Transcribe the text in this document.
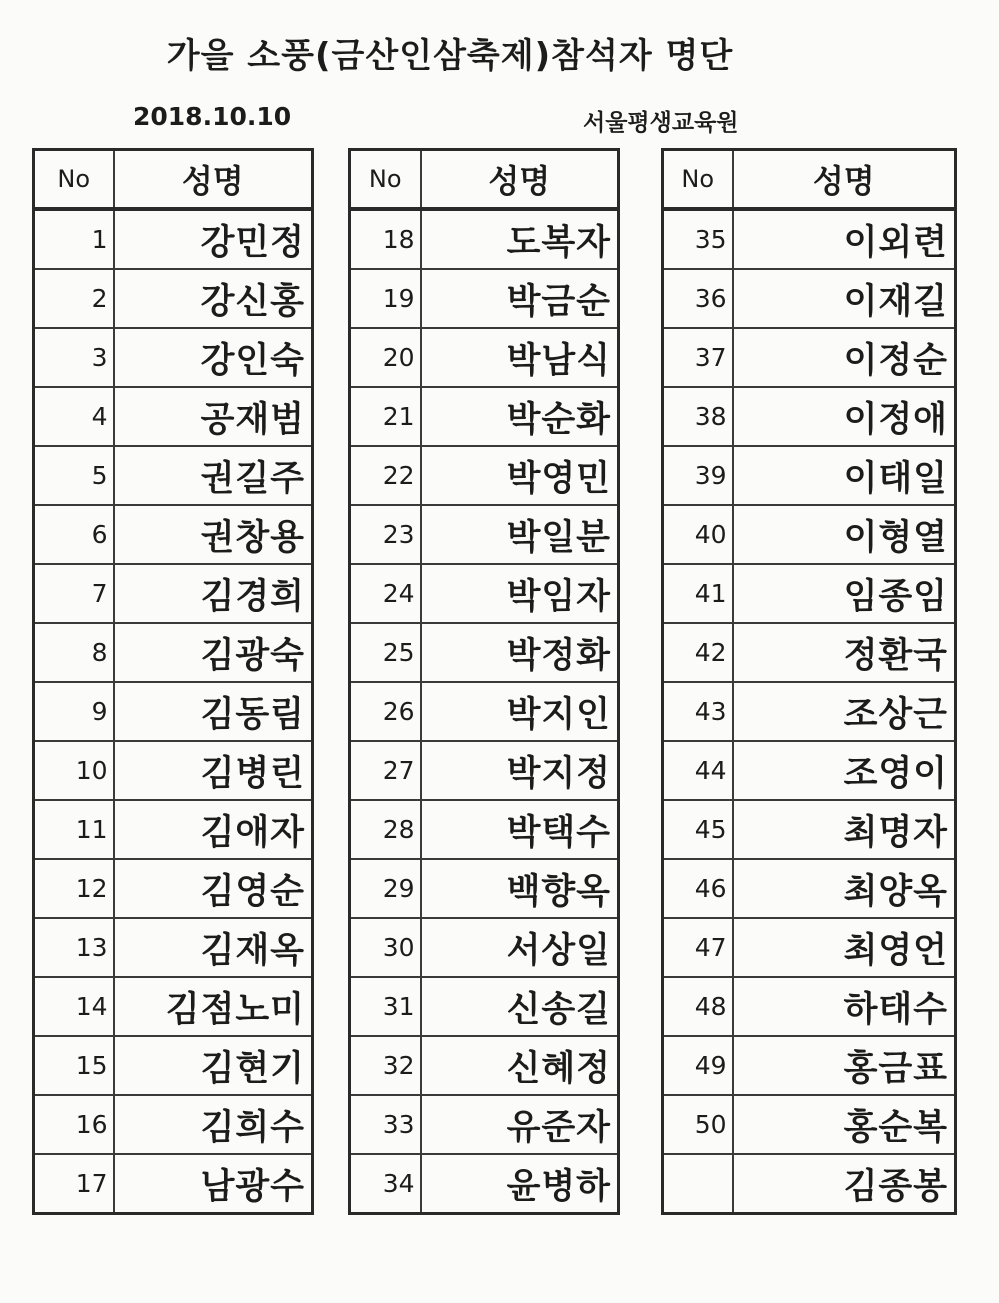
가을 소풍(금산인삼축제)참석자 명단
2018.10.10	서울평생교육원
No	성명
1	강민정
2	강신홍
3	강인숙
4	공재범
5	권길주
6	권창용
7	김경희
8	김광숙
9	김동림
10	김병린
11	김애자
12	김영순
13	김재옥
14	김점노미
15	김현기
16	김희수
17	남광수
No	성명
18	도복자
19	박금순
20	박남식
21	박순화
22	박영민
23	박일분
24	박임자
25	박정화
26	박지인
27	박지정
28	박택수
29	백향옥
30	서상일
31	신송길
32	신혜정
33	유준자
34	윤병하
No	성명
35	이외련
36	이재길
37	이정순
38	이정애
39	이태일
40	이형열
41	임종임
42	정환국
43	조상근
44	조영이
45	최명자
46	최양옥
47	최영언
48	하태수
49	홍금표
50	홍순복
	김종봉
